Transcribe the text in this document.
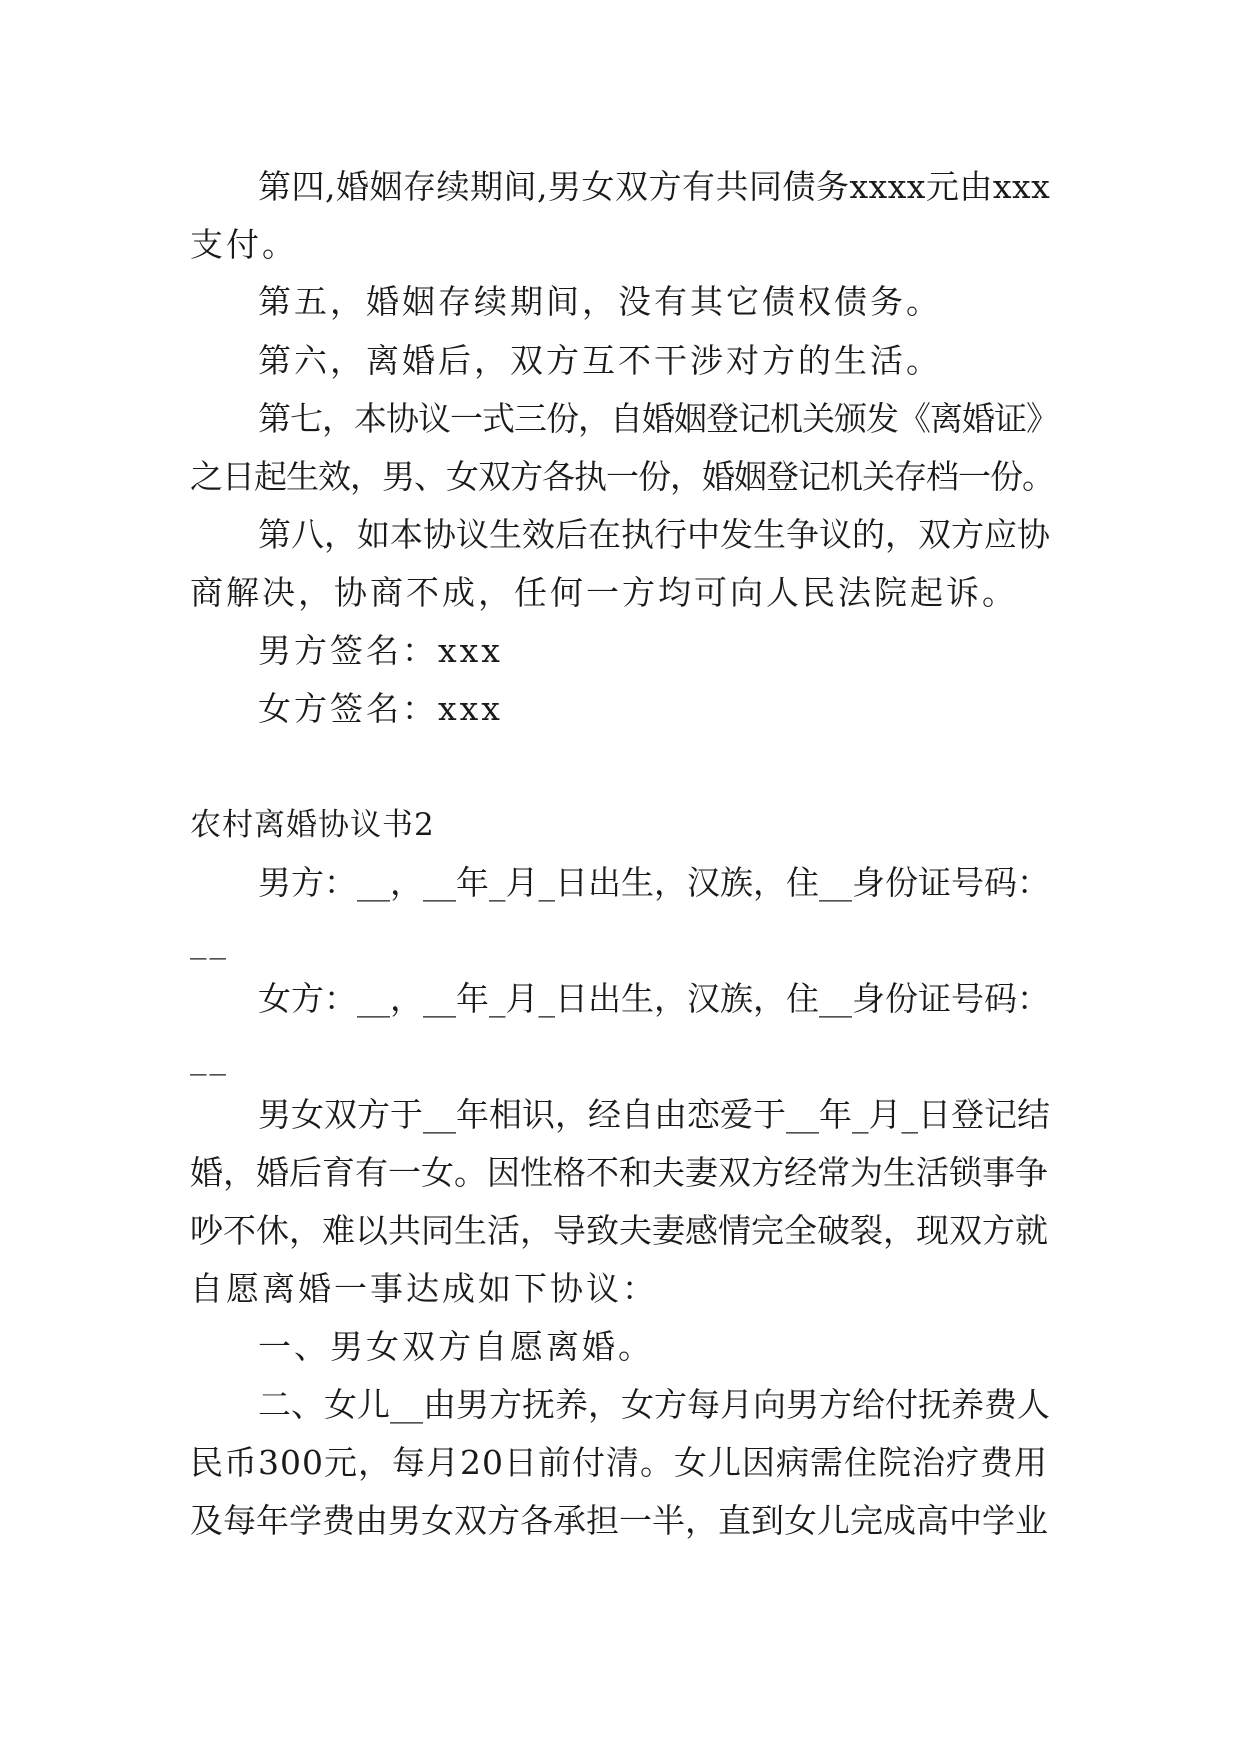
第四,婚姻存续期间,男女双方有共同债务xxxx元由xxx
支付。
第五，婚姻存续期间，没有其它债权债务。
第六，离婚后，双方互不干涉对方的生活。
第七，本协议一式三份，自婚姻登记机关颁发《离婚证》
之日起生效，男、女双方各执一份，婚姻登记机关存档一份。
第八，如本协议生效后在执行中发生争议的，双方应协
商解决，协商不成，任何一方均可向人民法院起诉。
男方签名：xxx
女方签名：xxx
农村离婚协议书2
男方：__，__年_月_日出生，汉族，住__身份证号码：
__
女方：__，__年_月_日出生，汉族，住__身份证号码：
__
男女双方于__年相识，经自由恋爱于__年_月_日登记结
婚，婚后育有一女。因性格不和夫妻双方经常为生活锁事争
吵不休，难以共同生活，导致夫妻感情完全破裂，现双方就
自愿离婚一事达成如下协议：
一、男女双方自愿离婚。
二、女儿__由男方抚养，女方每月向男方给付抚养费人
民币300元，每月20日前付清。女儿因病需住院治疗费用
及每年学费由男女双方各承担一半，直到女儿完成高中学业
